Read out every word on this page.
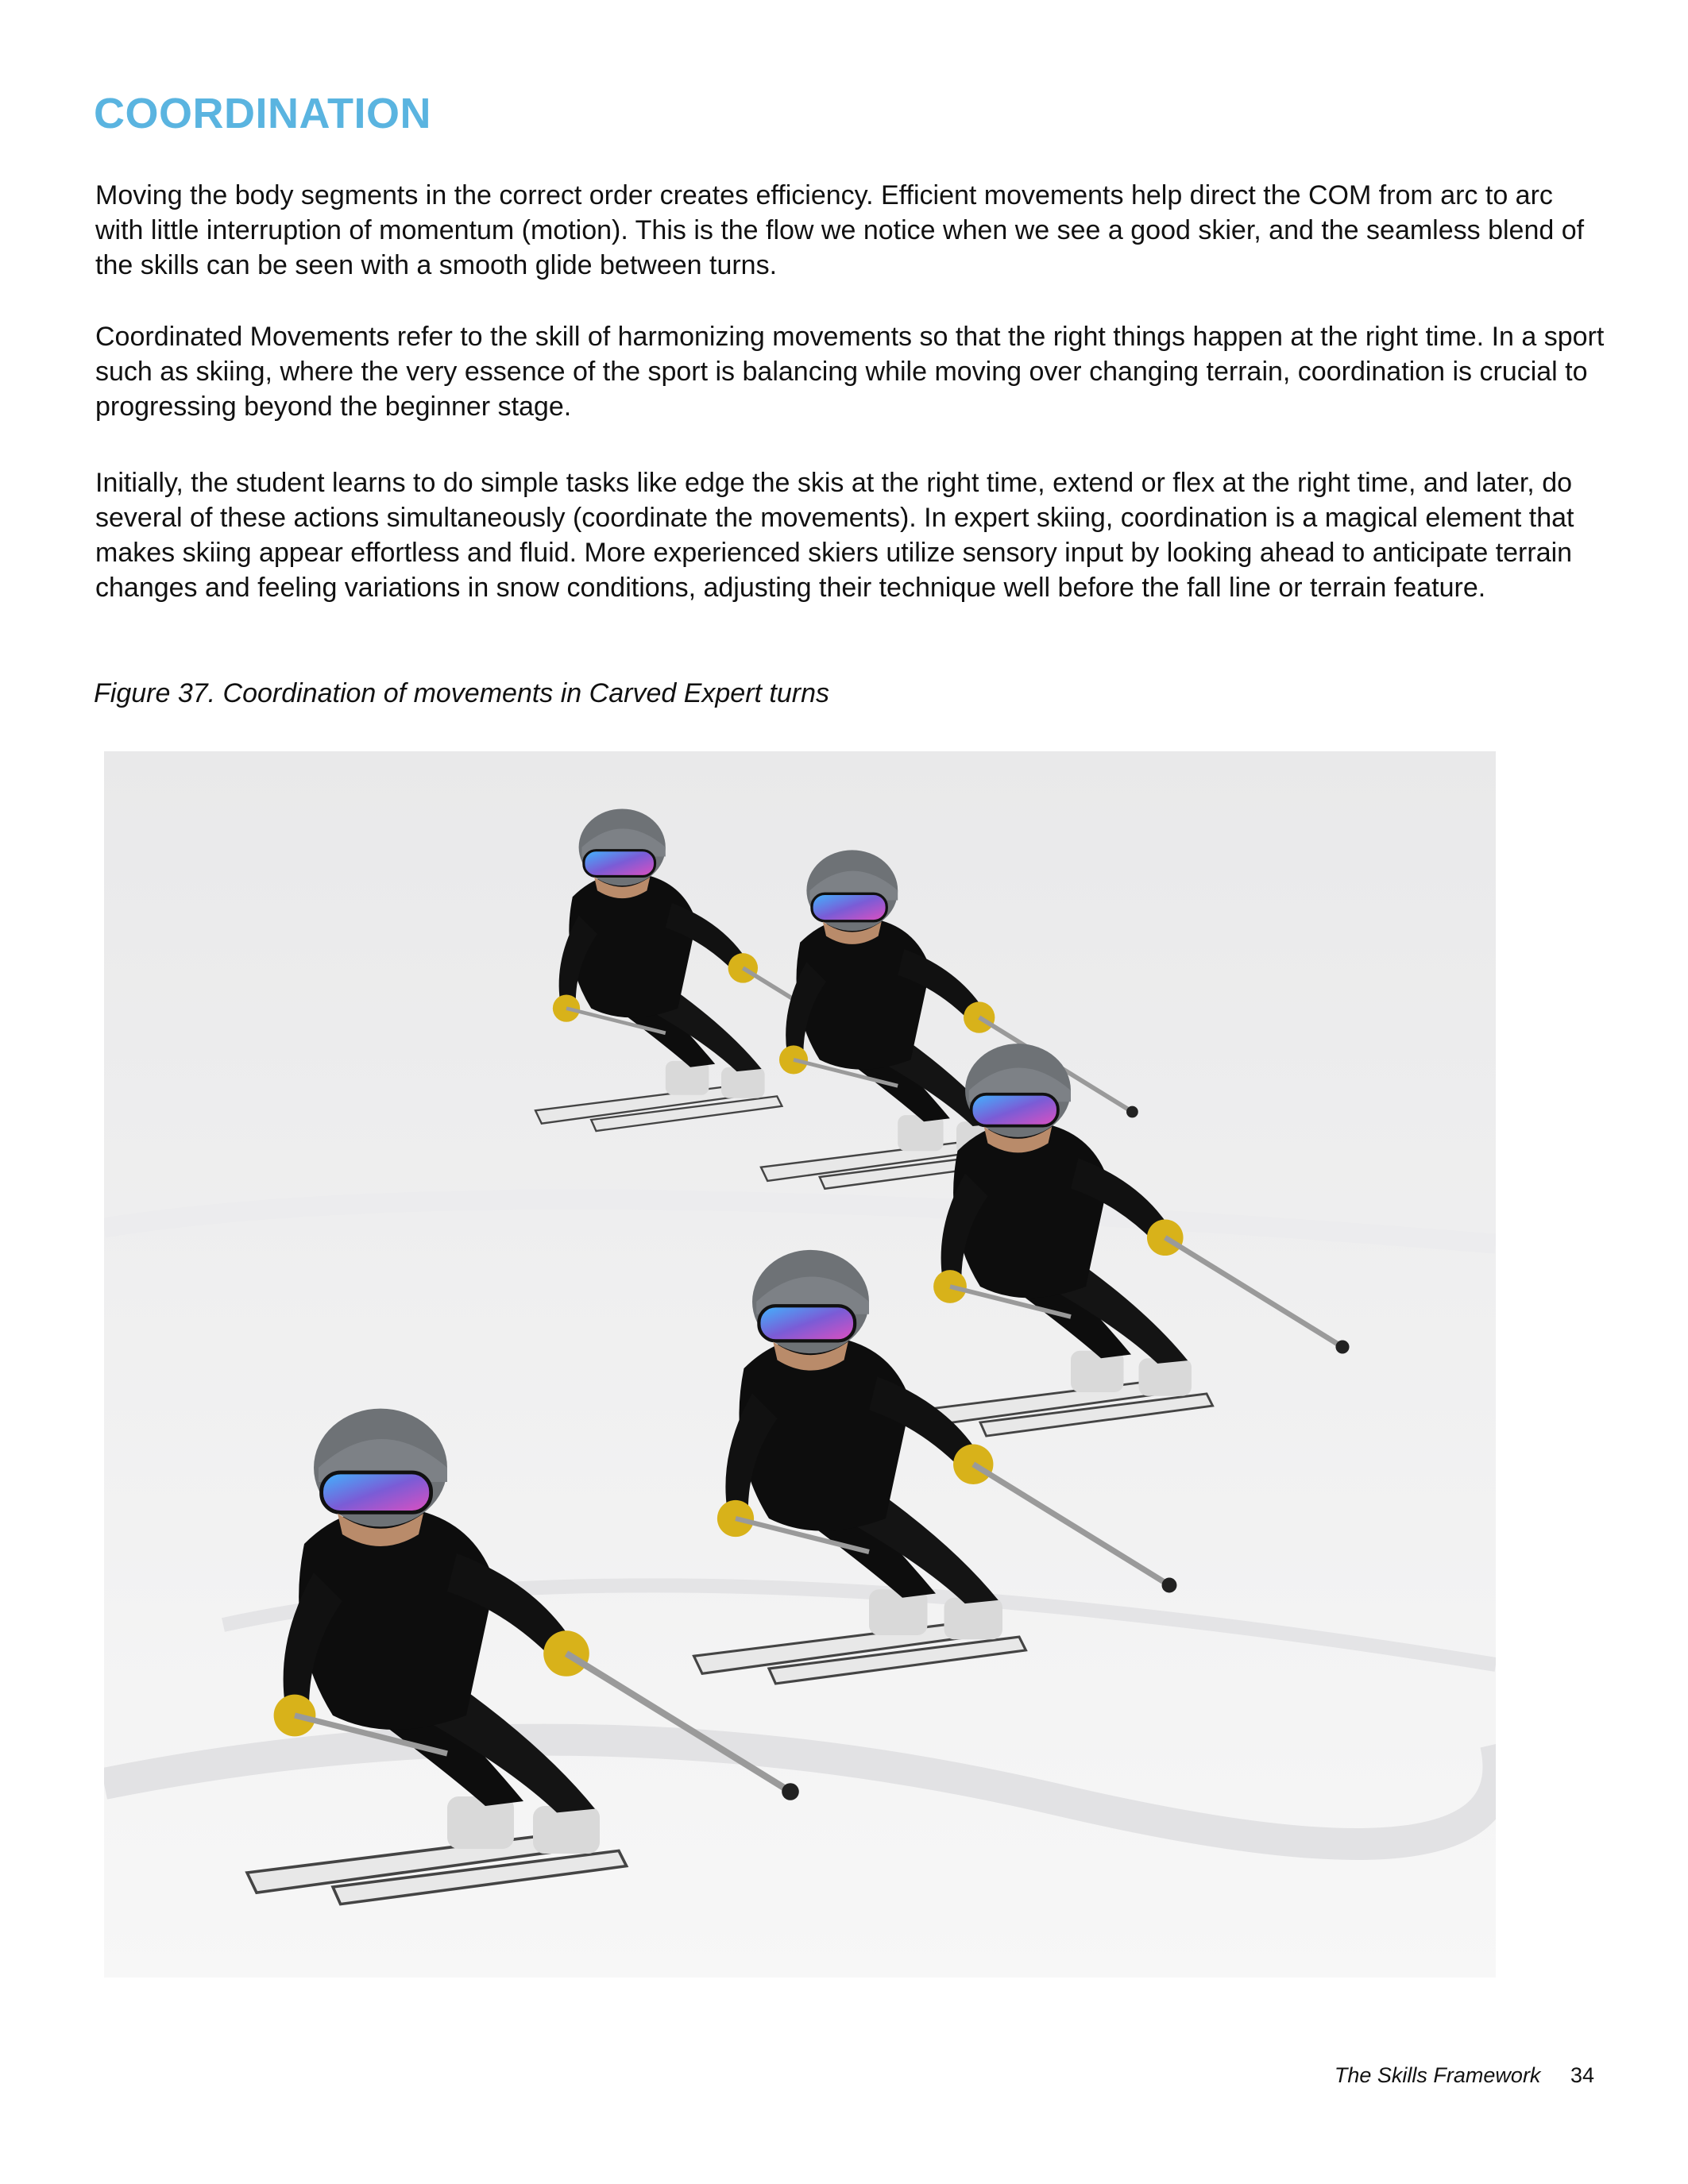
COORDINATION

Moving the body segments in the correct order creates efficiency. Efficient movements help direct the COM from arc to arc with little interruption of momentum (motion). This is the flow we notice when we see a good skier, and the seamless blend of the skills can be seen with a smooth glide between turns.

Coordinated Movements refer to the skill of harmonizing movements so that the right things happen at the right time. In a sport such as skiing, where the very essence of the sport is balancing while moving over changing terrain, coordination is crucial to progressing beyond the beginner stage.

Initially, the student learns to do simple tasks like edge the skis at the right time, extend or flex at the right time, and later, do several of these actions simultaneously (coordinate the movements). In expert skiing, coordination is a magical element that makes skiing appear effortless and fluid. More experienced skiers utilize sensory input by looking ahead to anticipate terrain changes and feeling variations in snow conditions, adjusting their technique well before the fall line or terrain feature.

Figure 37. Coordination of movements in Carved Expert turns

The Skills Framework 34
